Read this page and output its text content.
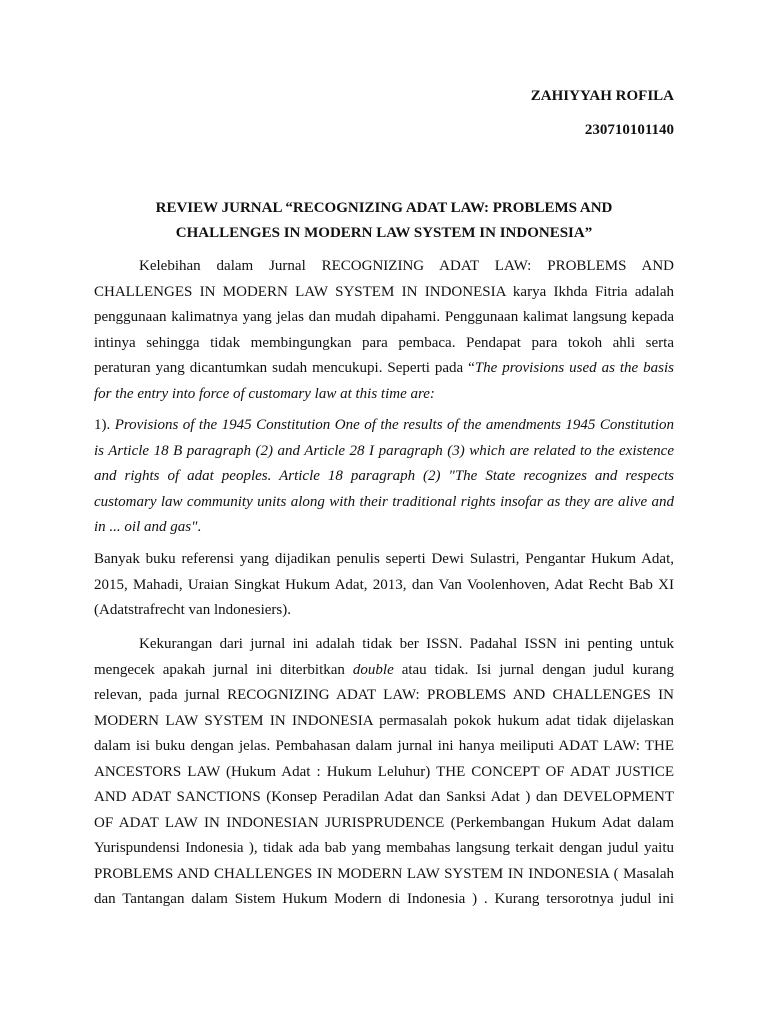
ZAHIYYAH ROFILA
230710101140
REVIEW JURNAL “RECOGNIZING ADAT LAW: PROBLEMS AND
CHALLENGES IN MODERN LAW SYSTEM IN INDONESIA”
Kelebihan dalam Jurnal RECOGNIZING ADAT LAW: PROBLEMS AND
CHALLENGES IN MODERN LAW SYSTEM IN INDONESIA karya Ikhda Fitria adalah
penggunaan kalimatnya yang jelas dan mudah dipahami. Penggunaan kalimat langsung kepada
intinya sehingga tidak membingungkan para pembaca. Pendapat para tokoh ahli serta
peraturan yang dicantumkan sudah mencukupi. Seperti pada “The provisions used as the basis
for the entry into force of customary law at this time are:
1). Provisions of the 1945 Constitution One of the results of the amendments 1945 Constitution
is Article 18 B paragraph (2) and Article 28 I paragraph (3) which are related to the existence
and rights of adat peoples. Article 18 paragraph (2) "The State recognizes and respects
customary law community units along with their traditional rights insofar as they are alive and
in ... oil and gas".
Banyak buku referensi yang dijadikan penulis seperti Dewi Sulastri, Pengantar Hukum Adat,
2015, Mahadi, Uraian Singkat Hukum Adat, 2013, dan Van Voolenhoven, Adat Recht Bab XI
(Adatstrafrecht van lndonesiers).
Kekurangan dari jurnal ini adalah tidak ber ISSN. Padahal ISSN ini penting untuk
mengecek apakah jurnal ini diterbitkan double atau tidak. Isi jurnal dengan judul kurang
relevan, pada jurnal RECOGNIZING ADAT LAW: PROBLEMS AND CHALLENGES IN
MODERN LAW SYSTEM IN INDONESIA permasalah pokok hukum adat tidak dijelaskan
dalam isi buku dengan jelas. Pembahasan dalam jurnal ini hanya meiliputi ADAT LAW: THE
ANCESTORS LAW (Hukum Adat : Hukum Leluhur) THE CONCEPT OF ADAT JUSTICE
AND ADAT SANCTIONS (Konsep Peradilan Adat dan Sanksi Adat ) dan DEVELOPMENT
OF ADAT LAW IN INDONESIAN JURISPRUDENCE (Perkembangan Hukum Adat dalam
Yurispundensi Indonesia ), tidak ada bab yang membahas langsung terkait dengan judul yaitu
PROBLEMS AND CHALLENGES IN MODERN LAW SYSTEM IN INDONESIA ( Masalah
dan Tantangan dalam Sistem Hukum Modern di Indonesia ) . Kurang tersorotnya judul ini
